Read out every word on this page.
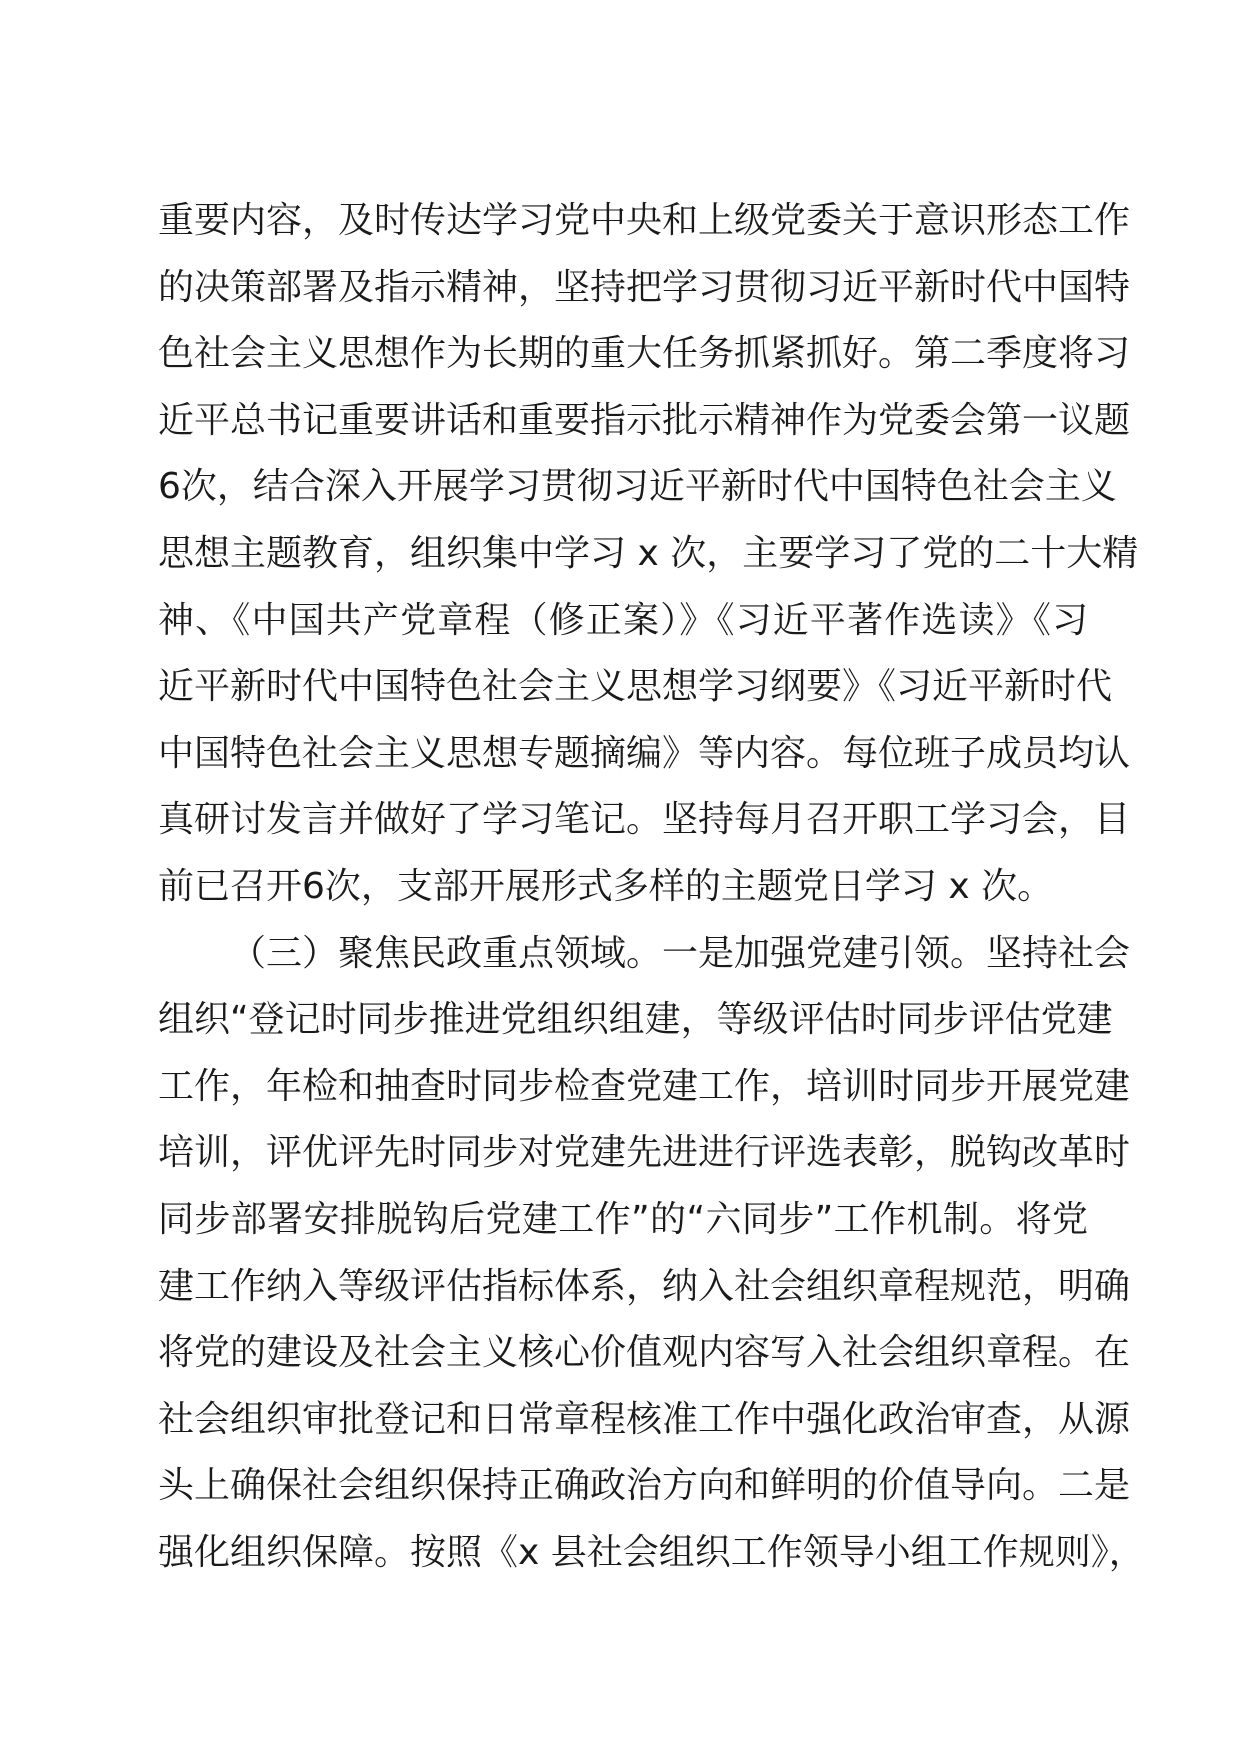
重要内容，及时传达学习党中央和上级党委关于意识形态工作
的决策部署及指示精神，坚持把学习贯彻习近平新时代中国特
色社会主义思想作为长期的重大任务抓紧抓好。第二季度将习
近平总书记重要讲话和重要指示批示精神作为党委会第一议题
6次，结合深入开展学习贯彻习近平新时代中国特色社会主义
思想主题教育，组织集中学习 x 次，主要学习了党的二十大精
神、《中国共产党章程（修正案）》《习近平著作选读》《习
近平新时代中国特色社会主义思想学习纲要》《习近平新时代
中国特色社会主义思想专题摘编》等内容。每位班子成员均认
真研讨发言并做好了学习笔记。坚持每月召开职工学习会，目
前已召开6次，支部开展形式多样的主题党日学习 x 次。
（三）聚焦民政重点领域。一是加强党建引领。坚持社会
组织“登记时同步推进党组织组建，等级评估时同步评估党建
工作，年检和抽查时同步检查党建工作，培训时同步开展党建
培训，评优评先时同步对党建先进进行评选表彰，脱钩改革时
同步部署安排脱钩后党建工作”的“六同步”工作机制。将党
建工作纳入等级评估指标体系，纳入社会组织章程规范，明确
将党的建设及社会主义核心价值观内容写入社会组织章程。在
社会组织审批登记和日常章程核准工作中强化政治审查，从源
头上确保社会组织保持正确政治方向和鲜明的价值导向。二是
强化组织保障。按照《x 县社会组织工作领导小组工作规则》，
